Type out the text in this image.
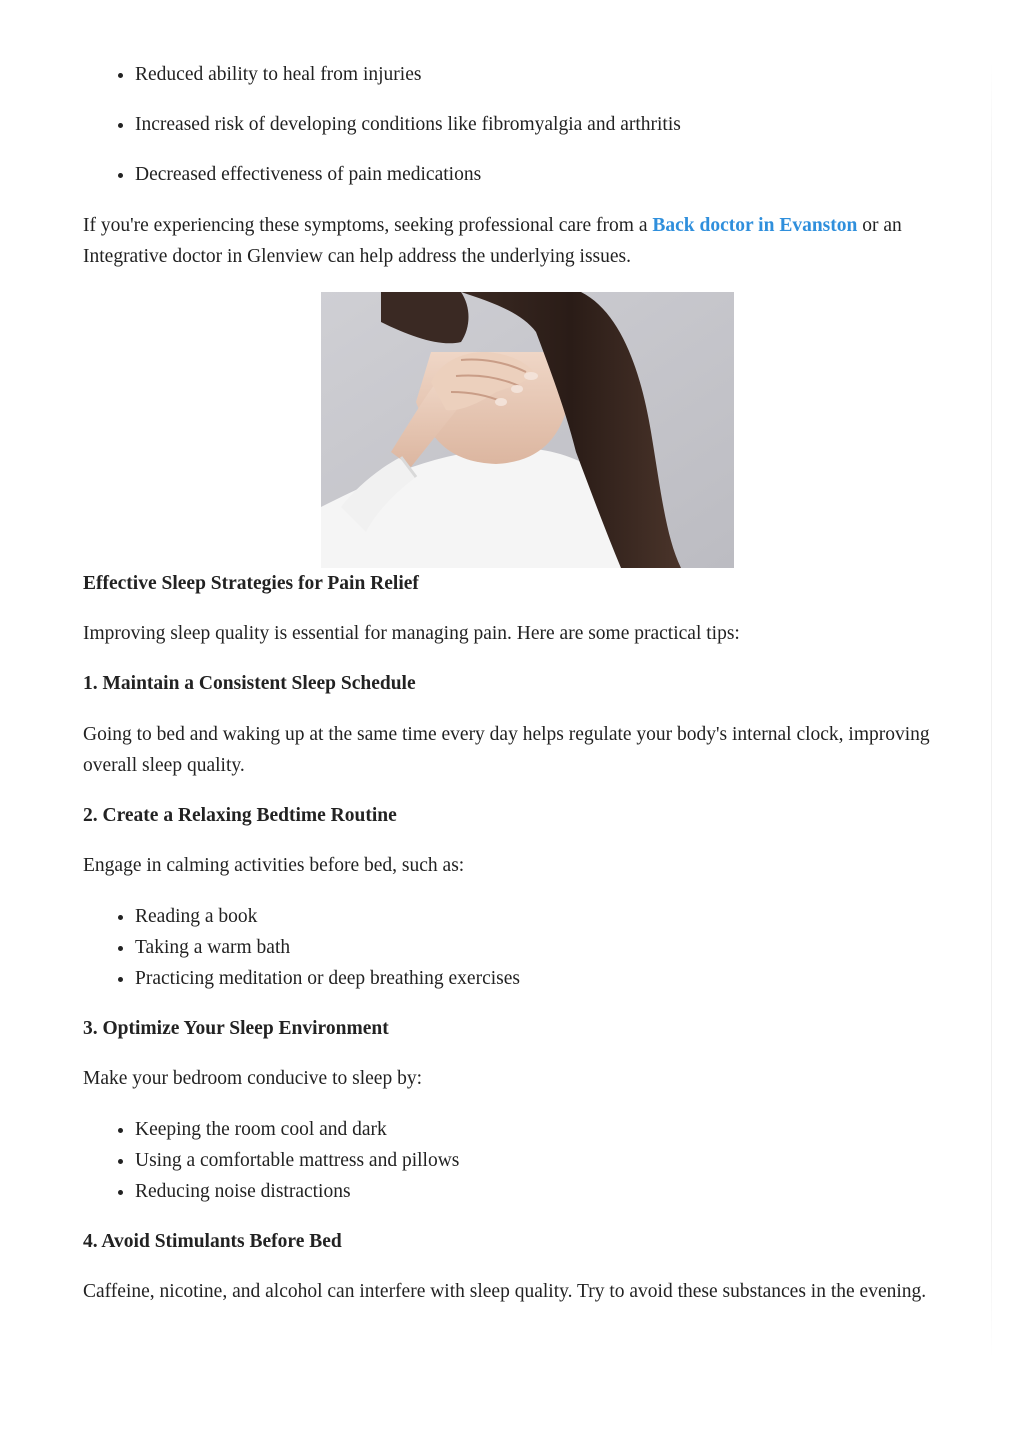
• Reduced ability to heal from injuries
• Increased risk of developing conditions like fibromyalgia and arthritis
• Decreased effectiveness of pain medications

If you're experiencing these symptoms, seeking professional care from a Back doctor in Evanston or an Integrative doctor in Glenview can help address the underlying issues.

Effective Sleep Strategies for Pain Relief

Improving sleep quality is essential for managing pain. Here are some practical tips:

1. Maintain a Consistent Sleep Schedule

Going to bed and waking up at the same time every day helps regulate your body's internal clock, improving overall sleep quality.

2. Create a Relaxing Bedtime Routine

Engage in calming activities before bed, such as:

• Reading a book
• Taking a warm bath
• Practicing meditation or deep breathing exercises
3. Optimize Your Sleep Environment

Make your bedroom conducive to sleep by:

• Keeping the room cool and dark
• Using a comfortable mattress and pillows
• Reducing noise distractions
4. Avoid Stimulants Before Bed

Caffeine, nicotine, and alcohol can interfere with sleep quality. Try to avoid these substances in the evening.
